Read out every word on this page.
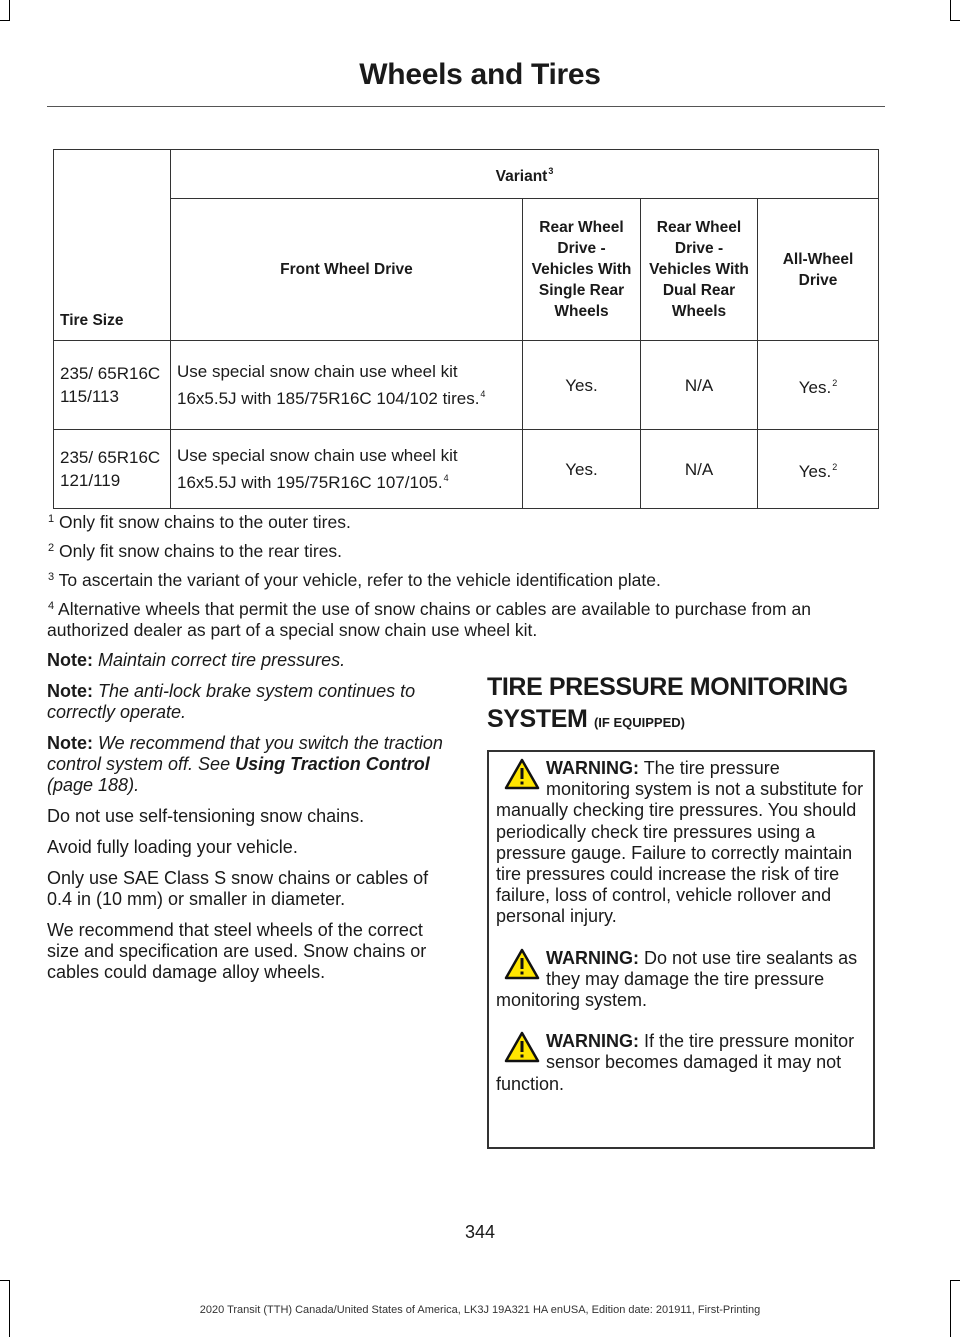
Wheels and Tires
Tire Size	Variant$^3$
	Front Wheel Drive	Rear Wheel Drive - Vehicles With Single Rear Wheels	Rear Wheel Drive - Vehicles With Dual Rear Wheels	All-Wheel Drive
235/ 65R16C 115/113	Use special snow chain use wheel kit 16x5.5J with 185/75R16C 104/102 tires.$^4$	Yes.	N/A	Yes.$^2$
235/ 65R16C 121/119	Use special snow chain use wheel kit 16x5.5J with 195/75R16C 107/105.$^4$	Yes.	N/A	Yes.$^2$
$^1$ Only fit snow chains to the outer tires.
$^2$ Only fit snow chains to the rear tires.
$^3$ To ascertain the variant of your vehicle, refer to the vehicle identification plate.
$^4$ Alternative wheels that permit the use of snow chains or cables are available to purchase from an authorized dealer as part of a special snow chain use wheel kit.

Note: Maintain correct tire pressures.

Note: The anti-lock brake system continues to correctly operate.

Note: We recommend that you switch the traction control system off. See Using Traction Control (page 188).

Do not use self-tensioning snow chains.

Avoid fully loading your vehicle.

Only use SAE Class S snow chains or cables of 0.4 in (10 mm) or smaller in diameter.

We recommend that steel wheels of the correct size and specification are used. Snow chains or cables could damage alloy wheels.

TIRE PRESSURE MONITORING SYSTEM (IF EQUIPPED)
WARNING: The tire pressure monitoring system is not a substitute for manually checking tire pressures. You should periodically check tire pressures using a pressure gauge. Failure to correctly maintain tire pressures could increase the risk of tire failure, loss of control, vehicle rollover and personal injury.
WARNING: Do not use tire sealants as they may damage the tire pressure monitoring system.
WARNING: If the tire pressure monitor sensor becomes damaged it may not function.
344
2020 Transit (TTH) Canada/United States of America, LK3J 19A321 HA enUSA, Edition date: 201911, First-Printing
